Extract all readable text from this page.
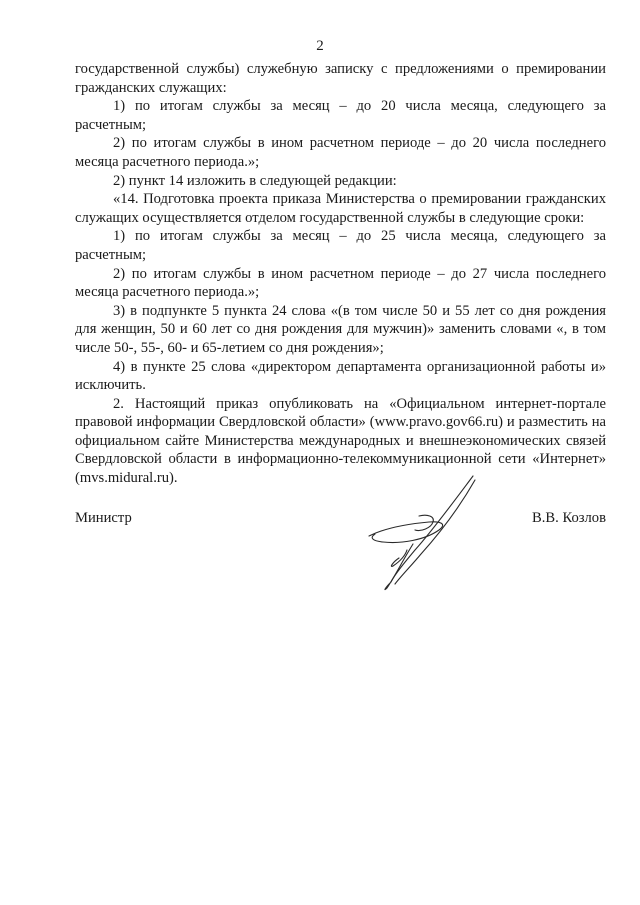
2

государственной службы) служебную записку с предложениями о премировании гражданских служащих:

1) по итогам службы за месяц – до 20 числа месяца, следующего за расчетным;

2) по итогам службы в ином расчетном периоде – до 20 числа последнего месяца расчетного периода.»;

2) пункт 14 изложить в следующей редакции:

«14. Подготовка проекта приказа Министерства о премировании гражданских служащих осуществляется отделом государственной службы в следующие сроки:

1) по итогам службы за месяц – до 25 числа месяца, следующего за расчетным;

2) по итогам службы в ином расчетном периоде – до 27 числа последнего месяца расчетного периода.»;

3) в подпункте 5 пункта 24 слова «(в том числе 50 и 55 лет со дня рождения для женщин, 50 и 60 лет со дня рождения для мужчин)» заменить словами «, в том числе 50-, 55-, 60- и 65-летием со дня рождения»;

4) в пункте 25 слова «директором департамента организационной работы и» исключить.

2. Настоящий приказ опубликовать на «Официальном интернет-портале правовой информации Свердловской области» (www.pravo.gov66.ru) и разместить на официальном сайте Министерства международных и внешнеэкономических связей Свердловской области в информационно-телекоммуникационной сети «Интернет» (mvs.midural.ru).

Министр	В.В. Козлов
